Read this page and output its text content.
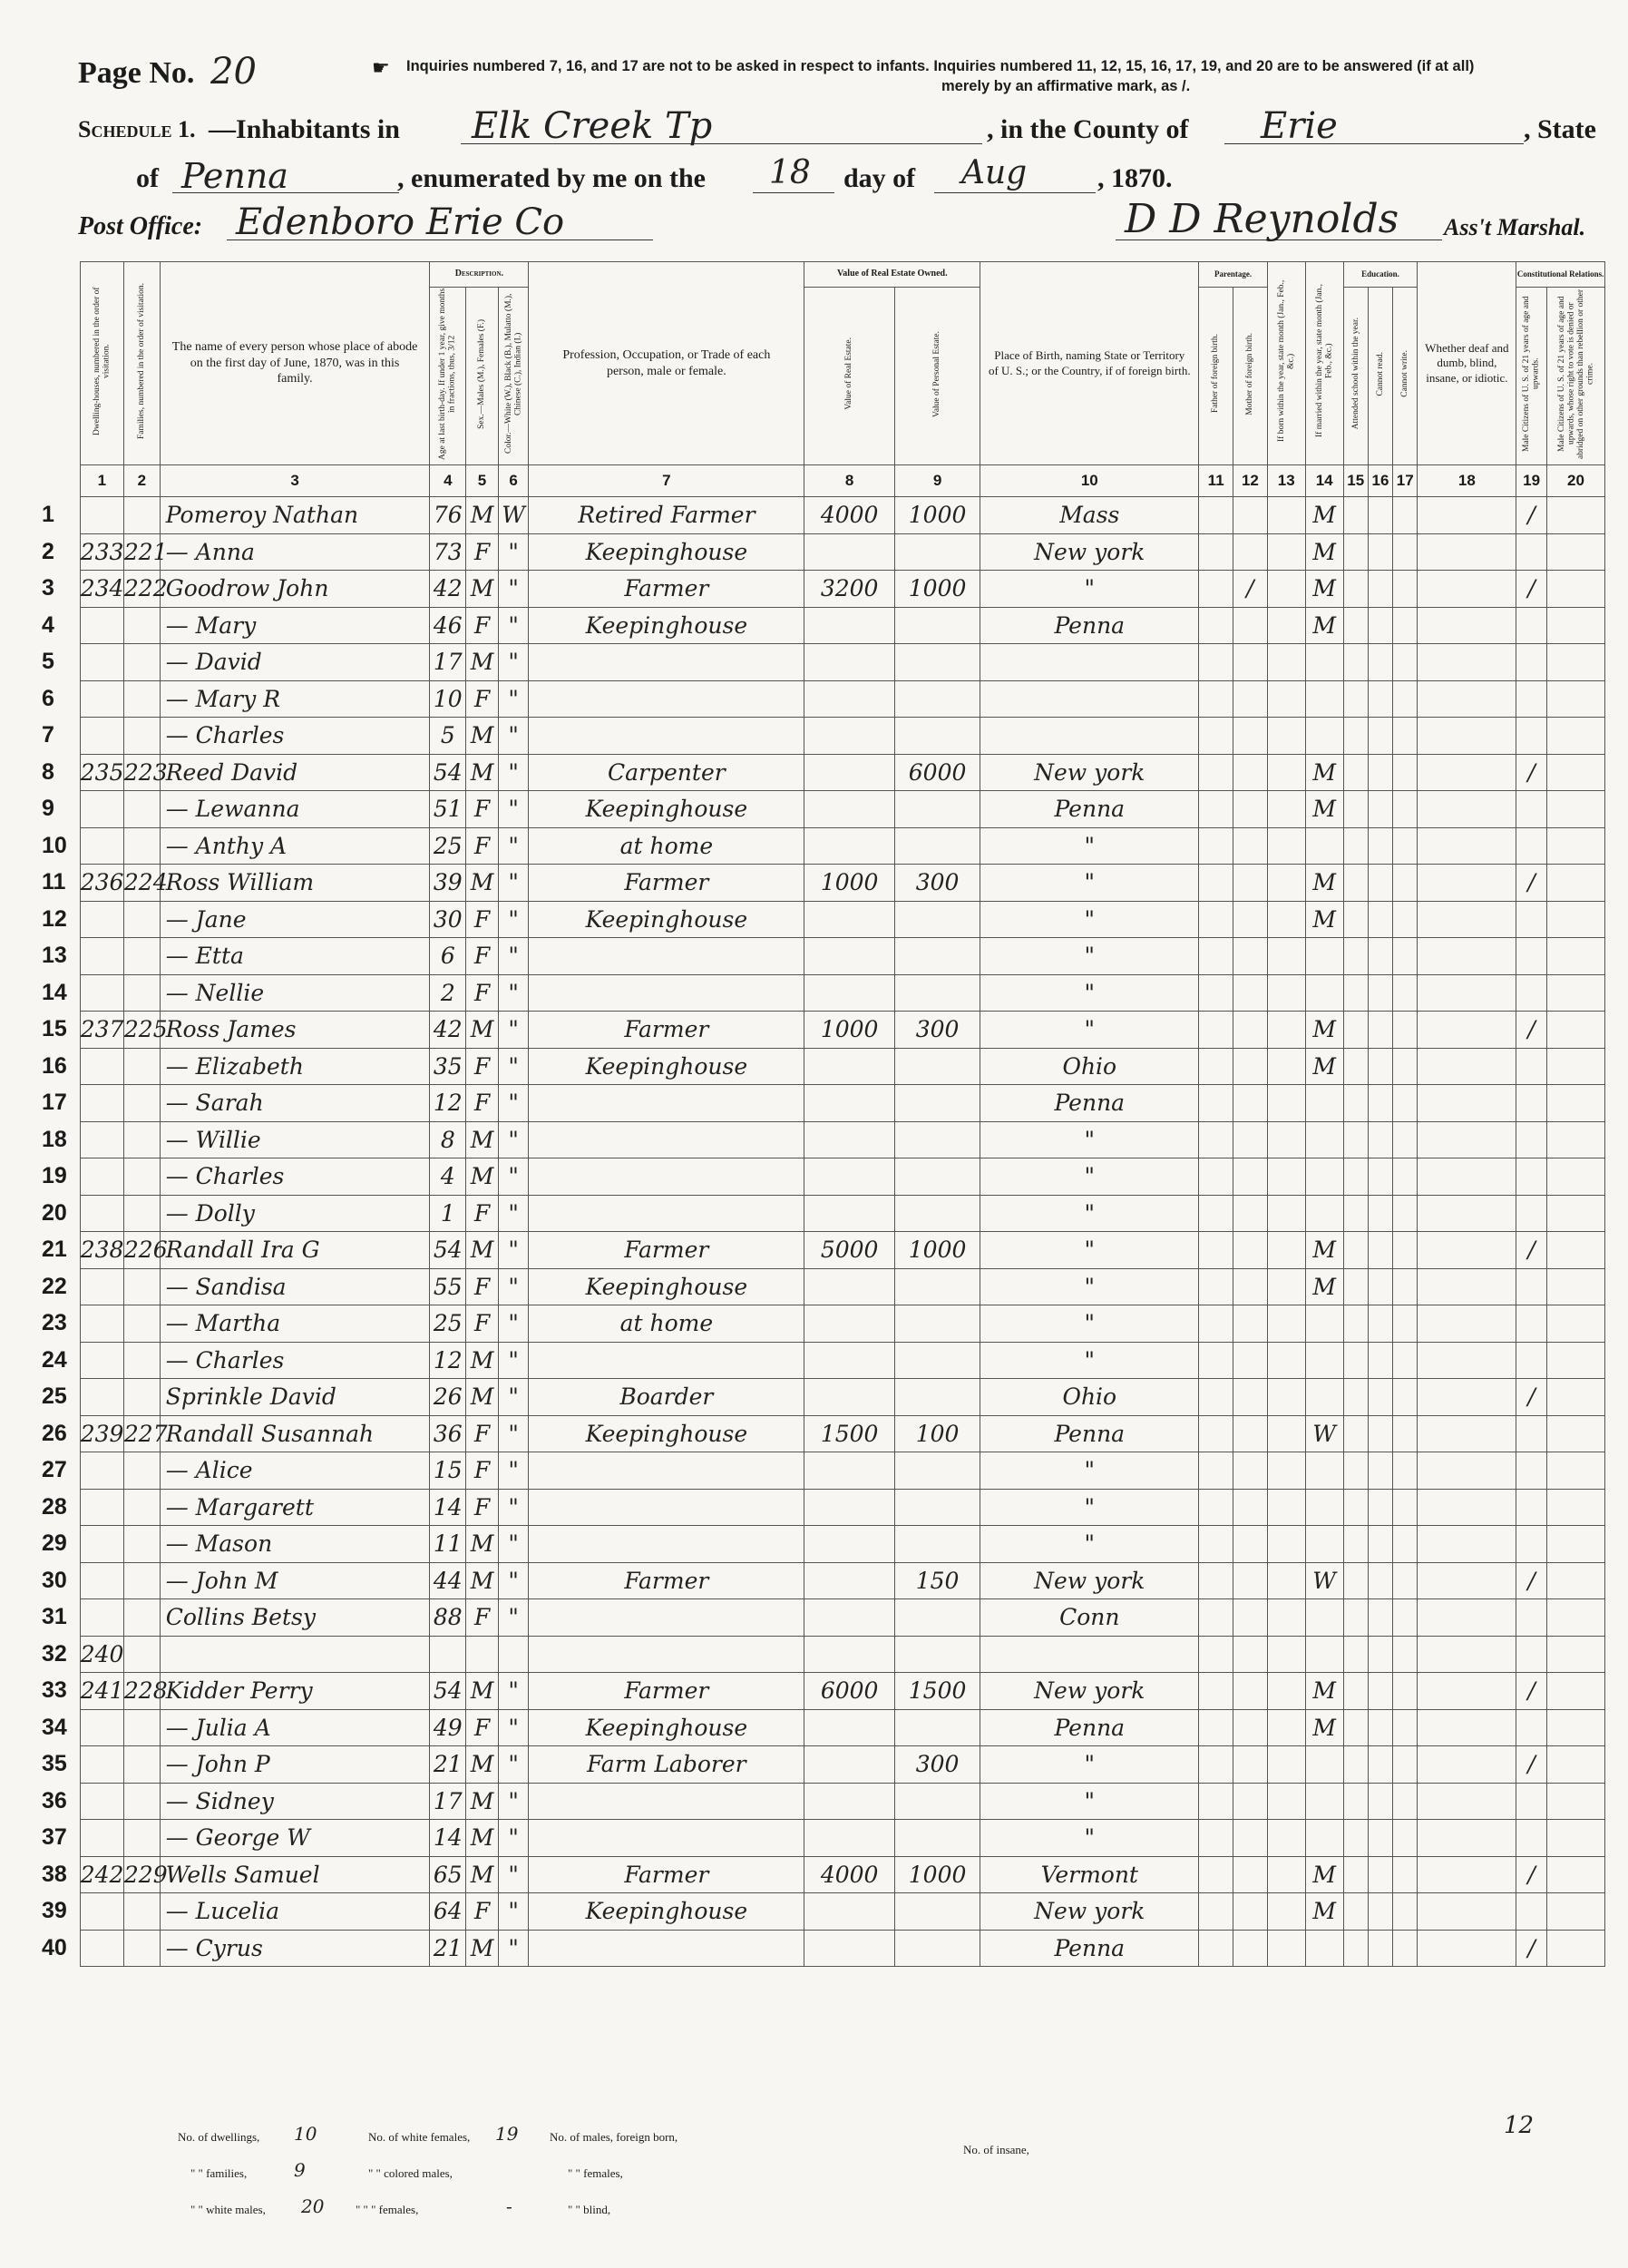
Page No. 20	☛ Inquiries numbered 7, 16, and 17 are not to be asked in respect to infants. Inquiries numbered 11, 12, 15, 16, 17, 19, and 20 are to be answered (if at all)
merely by an affirmative mark, as /.
Schedule 1. —Inhabitants in Elk Creek Tp	, in the County of Erie	, State
of Penna	, enumerated by me on the 18 day of Aug	, 1870.
Post Office: Edenboro Erie Co	D D Reynolds Ass't Marshal.
	Dwelling-houses, numbered in the order of visitation.	Families, numbered in the order of visitation.	The name of every person whose place of abode on the first day of June, 1870, was in this family.	Description.			Profession, Occupation, or Trade of each person, male or female.	Value of Real Estate Owned.		Place of Birth, naming State or Territory of U. S.; or the Country, if of foreign birth.	Parentage.		If born within the year, state month (Jan., Feb., &c.)	If married within the year, state month (Jan., Feb., &c.)	Education.			Whether deaf and dumb, blind, insane, or idiotic.	Constitutional Relations.	
				Age at last birth-day. If under 1 year, give months in fractions, thus, 3/12	Sex.—Males (M.), Females (F.)	Color.—White (W.), Black (B.), Mulatto (M.), Chinese (C.), Indian (I.)		Value of Real Estate.	Value of Personal Estate.		Father of foreign birth.	Mother of foreign birth.			Attended school within the year.	Cannot read.	Cannot write.		Male Citizens of U. S. of 21 years of age and upwards.	Male Citizens of U. S. of 21 years of age and upwards, whose right to vote is denied or abridged on other grounds than rebellion or other crime.
	1	2	3	4	5	6	7	8	9	10	11	12	13	14	15	16	17	18	19	20
1			Pomeroy Nathan	76	M	W	Retired Farmer	4000	1000	Mass				M					/	
2	233	221	— Anna	73	F	"	Keepinghouse			New york				M						
3	234	222	Goodrow John	42	M	"	Farmer	3200	1000	"		/		M					/	
4			— Mary	46	F	"	Keepinghouse			Penna				M						
5			— David	17	M	"														
6			— Mary R	10	F	"														
7			— Charles	5	M	"														
8	235	223	Reed David	54	M	"	Carpenter		6000	New york				M					/	
9			— Lewanna	51	F	"	Keepinghouse			Penna				M						
10			— Anthy A	25	F	"	at home			"										
11	236	224	Ross William	39	M	"	Farmer	1000	300	"				M					/	
12			— Jane	30	F	"	Keepinghouse			"				M						
13			— Etta	6	F	"				"										
14			— Nellie	2	F	"				"										
15	237	225	Ross James	42	M	"	Farmer	1000	300	"				M					/	
16			— Elizabeth	35	F	"	Keepinghouse			Ohio				M						
17			— Sarah	12	F	"				Penna										
18			— Willie	8	M	"				"										
19			— Charles	4	M	"				"										
20			— Dolly	1	F	"				"										
21	238	226	Randall Ira G	54	M	"	Farmer	5000	1000	"				M					/	
22			— Sandisa	55	F	"	Keepinghouse			"				M						
23			— Martha	25	F	"	at home			"										
24			— Charles	12	M	"				"										
25			Sprinkle David	26	M	"	Boarder			Ohio									/	
26	239	227	Randall Susannah	36	F	"	Keepinghouse	1500	100	Penna				W						
27			— Alice	15	F	"				"										
28			— Margarett	14	F	"				"										
29			— Mason	11	M	"				"										
30			— John M	44	M	"	Farmer		150	New york				W					/	
31			Collins Betsy	88	F	"				Conn										
32	240																			
33	241	228	Kidder Perry	54	M	"	Farmer	6000	1500	New york				M					/	
34			— Julia A	49	F	"	Keepinghouse			Penna				M						
35			— John P	21	M	"	Farm Laborer		300	"									/	
36			— Sidney	17	M	"				"										
37			— George W	14	M	"				"										
38	242	229	Wells Samuel	65	M	"	Farmer	4000	1000	Vermont				M					/	
39			— Lucelia	64	F	"	Keepinghouse			New york				M						
40			— Cyrus	21	M	"				Penna									/	
No. of dwellings, 10	No. of white females, 19	No. of males, foreign born,
" " families,	9	" " colored males,	" " females,
" " white males, 20	" " " females,	-	" " blind,
No. of insane,
12
